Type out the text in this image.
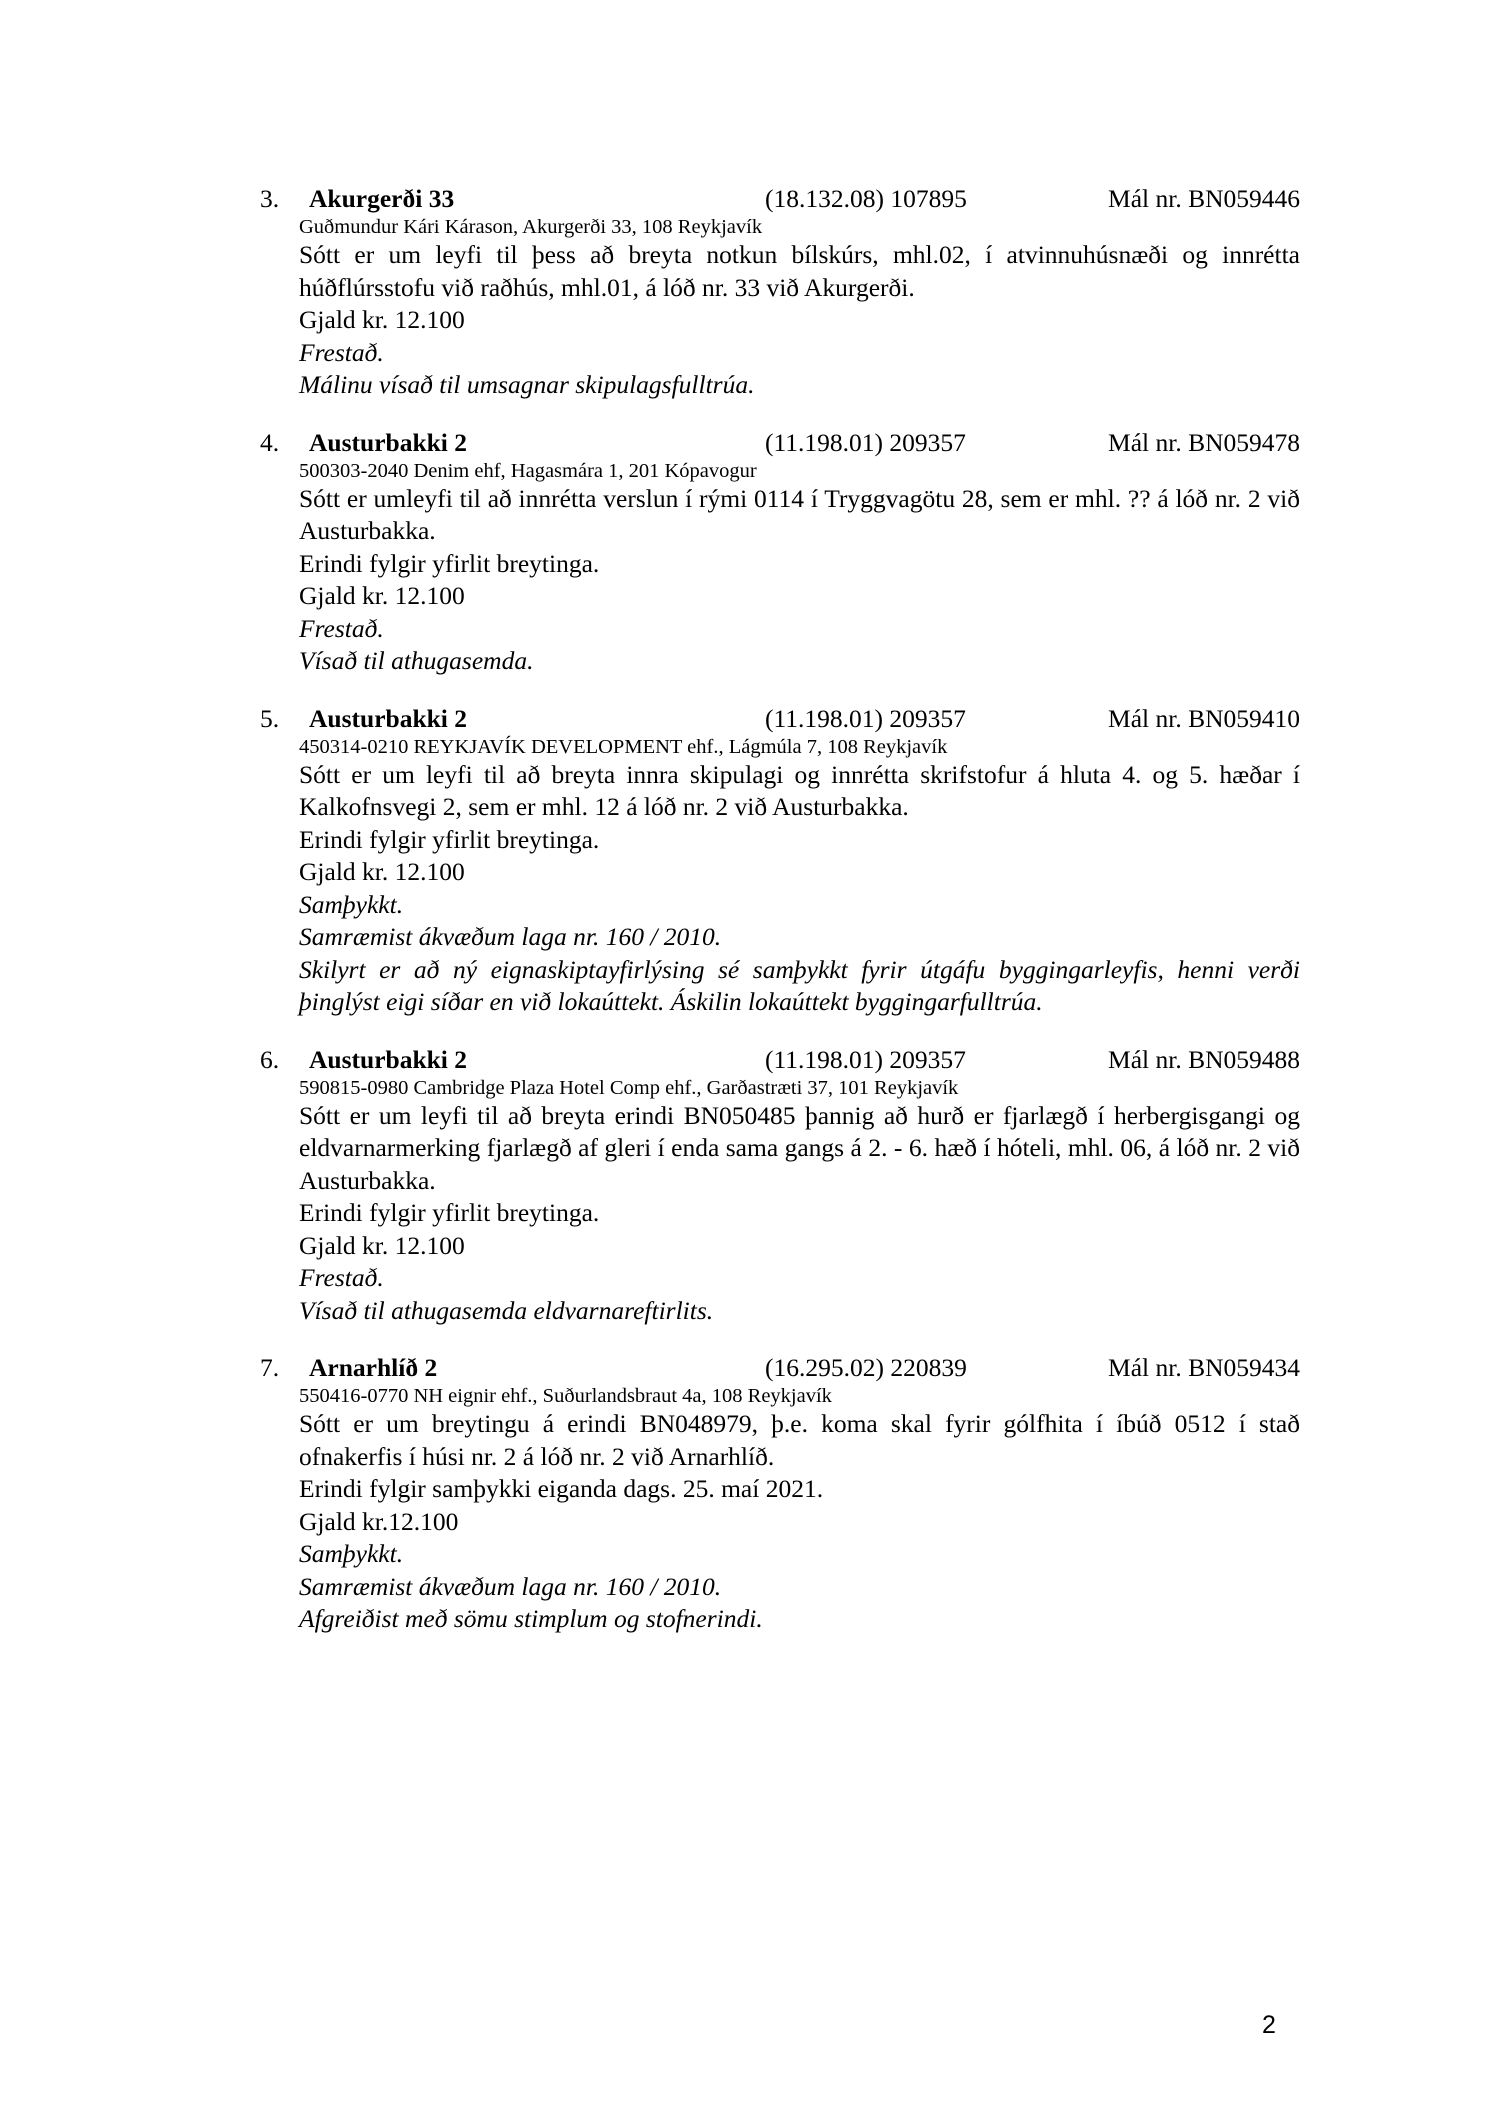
3. Akurgerði 33	(18.132.08) 107895	Mál nr. BN059446
Guðmundur Kári Kárason, Akurgerði 33, 108 Reykjavík
Sótt er um leyfi til þess að breyta notkun bílskúrs, mhl.02, í atvinnuhúsnæði og innrétta húðflúrsstofu við raðhús, mhl.01, á lóð nr. 33 við Akurgerði.
Gjald kr. 12.100
Frestað.
Málinu vísað til umsagnar skipulagsfulltrúa.
4. Austurbakki 2	(11.198.01) 209357	Mál nr. BN059478
500303-2040 Denim ehf, Hagasmára 1, 201 Kópavogur
Sótt er umleyfi til að innrétta verslun í rými 0114 í Tryggvagötu 28, sem er mhl. ?? á lóð nr. 2 við Austurbakka.
Erindi fylgir yfirlit breytinga.
Gjald kr. 12.100
Frestað.
Vísað til athugasemda.
5. Austurbakki 2	(11.198.01) 209357	Mál nr. BN059410
450314-0210 REYKJAVÍK DEVELOPMENT ehf., Lágmúla 7, 108 Reykjavík
Sótt er um leyfi til að breyta innra skipulagi og innrétta skrifstofur á hluta 4. og 5. hæðar í Kalkofnsvegi 2, sem er mhl. 12 á lóð nr. 2 við Austurbakka.
Erindi fylgir yfirlit breytinga.
Gjald kr. 12.100
Samþykkt.
Samræmist ákvæðum laga nr. 160 / 2010.
Skilyrt er að ný eignaskiptayfirlýsing sé samþykkt fyrir útgáfu byggingarleyfis, henni verði þinglýst eigi síðar en við lokaúttekt. Áskilin lokaúttekt byggingarfulltrúa.
6. Austurbakki 2	(11.198.01) 209357	Mál nr. BN059488
590815-0980 Cambridge Plaza Hotel Comp ehf., Garðastræti 37, 101 Reykjavík
Sótt er um leyfi til að breyta erindi BN050485 þannig að hurð er fjarlægð í herbergisgangi og eldvarnarmerking fjarlægð af gleri í enda sama gangs á 2. - 6. hæð í hóteli, mhl. 06, á lóð nr. 2 við Austurbakka.
Erindi fylgir yfirlit breytinga.
Gjald kr. 12.100
Frestað.
Vísað til athugasemda eldvarnareftirlits.
7. Arnarhlíð 2	(16.295.02) 220839	Mál nr. BN059434
550416-0770 NH eignir ehf., Suðurlandsbraut 4a, 108 Reykjavík
Sótt er um breytingu á erindi BN048979, þ.e. koma skal fyrir gólfhita í íbúð 0512 í stað ofnakerfis í húsi nr. 2 á lóð nr. 2 við Arnarhlíð.
Erindi fylgir samþykki eiganda dags. 25. maí 2021.
Gjald kr.12.100
Samþykkt.
Samræmist ákvæðum laga nr. 160 / 2010.
Afgreiðist með sömu stimplum og stofnerindi.
2
